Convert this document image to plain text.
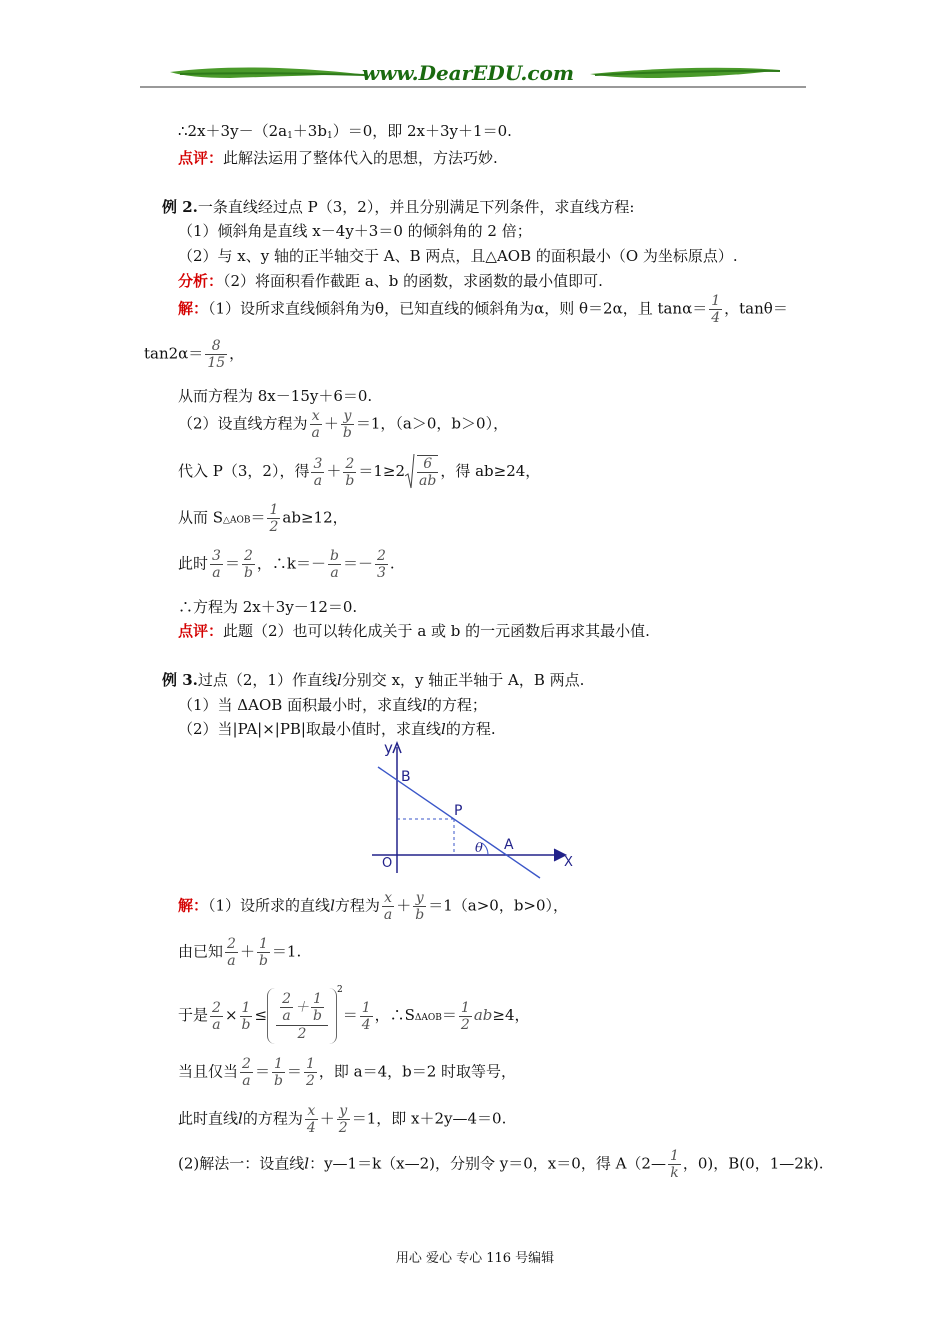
www.DearEDU.com
$\therefore 2x+3y-(2a_1+3b_1)=0$，即 2x＋3y＋1＝0.
点评：此解法运用了整体代入的思想，方法巧妙.
例 2.一条直线经过点 P（3，2），并且分别满足下列条件，求直线方程:
（1）倾斜角是直线 x－4y＋3＝0 的倾斜角的 2 倍；
（2）与 x、y 轴的正半轴交于 A、B 两点，且△AOB 的面积最小（O 为坐标原点）.
分析：（2）将面积看作截距 a、b 的函数，求函数的最小值即可.
解：（1）设所求直线倾斜角为θ，已知直线的倾斜角为α，则 θ＝2α，且 $\tan\alpha= \frac{1}{4}$ ，tanθ＝
$\tan 2\alpha= \frac{8}{15}$ ，
从而方程为 8x－15y＋6＝0.
（2）设直线方程为 $\frac{x}{a} + \frac{y}{b} =1$，（a＞0，b＞0），
代入 P（3，2），得 $\frac{3}{a} + \frac{2}{b} =1\ge 2 \frac{6}{ab}$ ，得 ab≥24，
从而 S△AOB＝ $\frac{1}{2} ab\ge 12$，
此时 $\frac{3}{a} = \frac{2}{b}$ ，∴k＝－ $\frac{b}{a} =- \frac{2}{3}$ .
∴方程为 2x＋3y－12＝0.
点评：此题（2）也可以转化成关于 a 或 b 的一元函数后再求其最小值.
例 3.过点（2，1）作直线l分别交 x，y 轴正半轴于 A，B 两点.
（1）当 ΔAOB 面积最小时，求直线l的方程；
（2）当|PA|×|PB|取最小值时，求直线l的方程.
y
B
P
A
θ
O	X
解：（1）设所求的直线l方程为 $\frac{x}{a} + \frac{y}{b} =1(a>0$，b>0），
由已知 $\frac{2}{a} + \frac{1}{b} =1$.
于是 $\frac{2}{a} \times \frac{1}{b} \le \frac{\frac{2}{a} + \frac{1}{b}}{2} ^2= \frac{1}{4}$ ，∴SΔAOB＝ $\frac{1}{2} ab\ge 4$，
当且仅当 $\frac{2}{a} = \frac{1}{b} = \frac{1}{2}$ ，即 a＝4，b＝2 时取等号，
此时直线l的方程为 $\frac{x}{4} + \frac{y}{2} =1$，即 x＋2y—4＝0.
(2)解法一：设直线l：y—1＝k（x—2)，分别令 y＝0，x＝0，得 A（2— $\frac{1}{k}$ ，0)，B(0，1—2k).
用心 爱心 专心 116 号编辑
